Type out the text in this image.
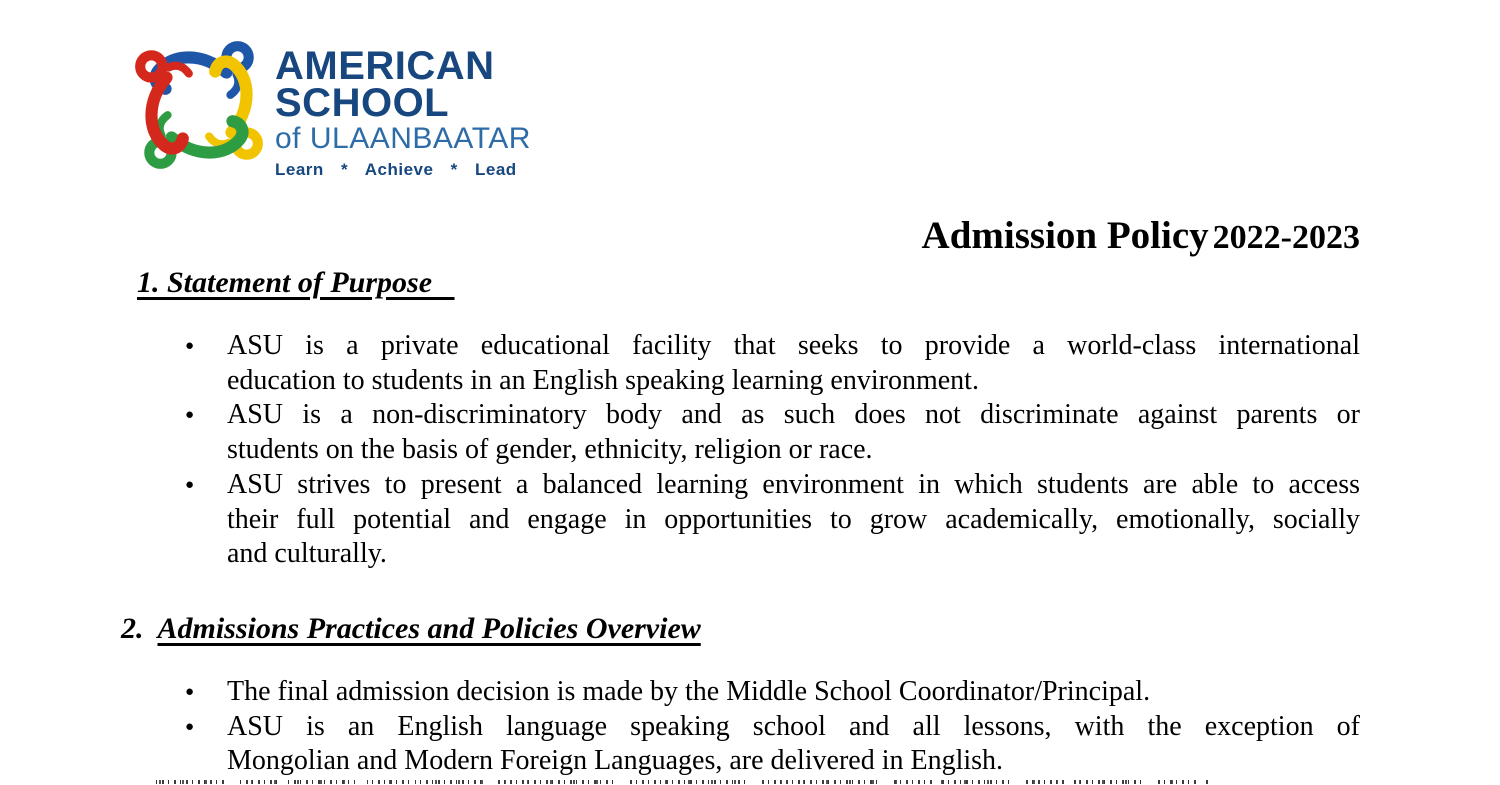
AMERICAN
SCHOOL
of ULAANBAATAR
Learn * Achieve * Lead
Admission Policy 2022-2023
1. Statement of Purpose
● ASU is a private educational facility that seeks to provide a world-class international
education to students in an English speaking learning environment.
● ASU is a non-discriminatory body and as such does not discriminate against parents or
students on the basis of gender, ethnicity, religion or race.
● ASU strives to present a balanced learning environment in which students are able to access
their full potential and engage in opportunities to grow academically, emotionally, socially
and culturally.
2. Admissions Practices and Policies Overview
● The final admission decision is made by the Middle School Coordinator/Principal.
● ASU is an English language speaking school and all lessons, with the exception of
Mongolian and Modern Foreign Languages, are delivered in English.
